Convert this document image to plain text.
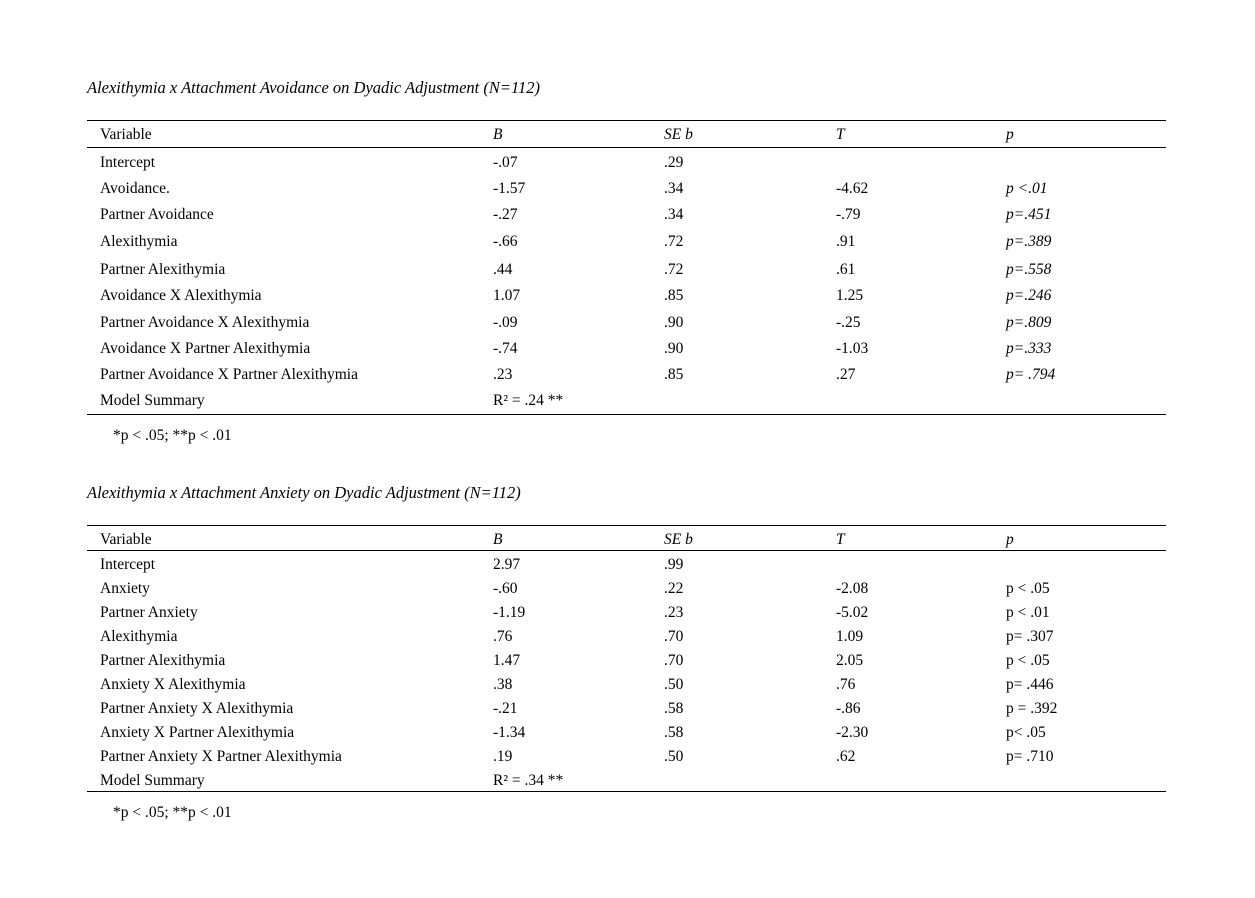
Alexithymia x Attachment Avoidance on Dyadic Adjustment (N=112)
Variable	B	SE b	T	p
Intercept	-.07	.29
Avoidance.	-1.57	.34	-4.62	p <.01
Partner Avoidance	-.27	.34	-.79	p=.451
Alexithymia	-.66	.72	.91	p=.389
Partner Alexithymia	.44	.72	.61	p=.558
Avoidance X Alexithymia	1.07	.85	1.25	p=.246
Partner Avoidance X Alexithymia	-.09	.90	-.25	p=.809
Avoidance X Partner Alexithymia	-.74	.90	-1.03	p=.333
Partner Avoidance X Partner Alexithymia	.23	.85	.27	p= .794
Model Summary	R² = .24 **
*p < .05; **p < .01
Alexithymia x Attachment Anxiety on Dyadic Adjustment (N=112)
Variable	B	SE b	T	p
Intercept	2.97	.99
Anxiety	-.60	.22	-2.08	p < .05
Partner Anxiety	-1.19	.23	-5.02	p < .01
Alexithymia	.76	.70	1.09	p= .307
Partner Alexithymia	1.47	.70	2.05	p < .05
Anxiety X Alexithymia	.38	.50	.76	p= .446
Partner Anxiety X Alexithymia	-.21	.58	-.86	p = .392
Anxiety X Partner Alexithymia	-1.34	.58	-2.30	p< .05
Partner Anxiety X Partner Alexithymia	.19	.50	.62	p= .710
Model Summary	R² = .34 **
*p < .05; **p < .01
